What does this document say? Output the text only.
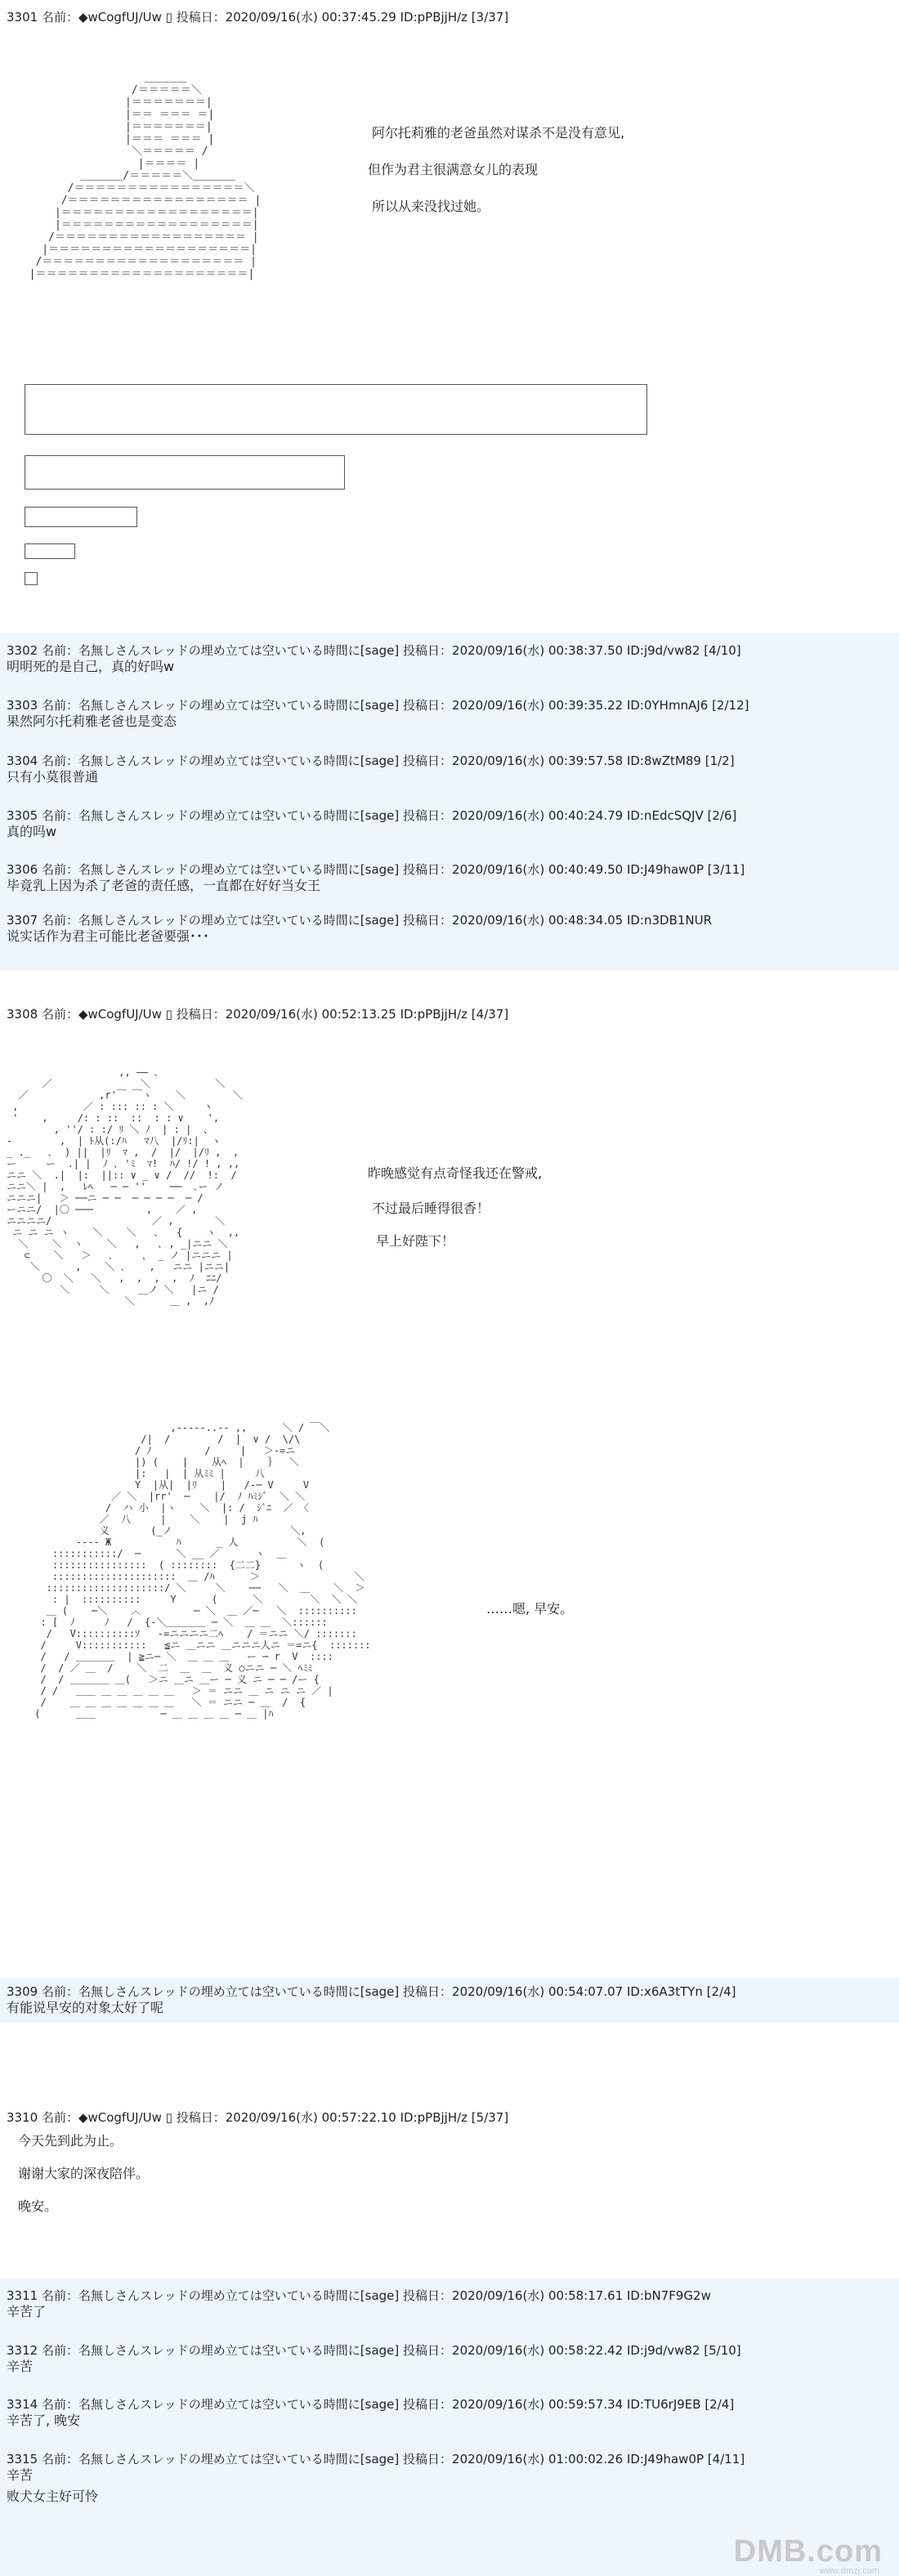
3301 名前：◆wCogfUJ/Uw ▯ 投稿日：2020/09/16(水) 00:37:45.29 ID:pPBjjH/z [3/37]
＿＿＿＿
/＝＝＝＝＝＼
|＝＝＝＝＝＝＝|
|＝＝ ＝＝＝ ＝|
|＝＝＝＝＝＝＝|
|＝＝＝ ＝＝＝ |
＼＝＝＝＝＝ /
|＝＝＝＝ |
＿＿＿＿/＝＝＝＝＝＼＿＿＿＿
/＝＝＝＝＝＝＝＝＝＝＝＝＝＝＝＝＼
/＝＝＝＝＝＝＝＝＝＝＝＝＝＝＝＝＝ |
|＝＝＝＝＝＝＝＝＝＝＝＝＝＝＝＝＝＝|
|＝＝＝＝＝＝＝＝＝＝＝＝＝＝＝＝＝＝|
/＝＝＝＝＝＝＝＝＝＝＝＝＝＝＝＝＝＝ |
|＝＝＝＝＝＝＝＝＝＝＝＝＝＝＝＝＝＝＝|
/＝＝＝＝＝＝＝＝＝＝＝＝＝＝＝＝＝＝＝ |
|＝＝＝＝＝＝＝＝＝＝＝＝＝＝＝＝＝＝＝＝|
阿尔托莉雅的老爸虽然对谋杀不是没有意见,
但作为君主很满意女儿的表现
所以从来没找过她。
3302 名前：名無しさんスレッドの埋め立ては空いている時間に[sage] 投稿日：2020/09/16(水) 00:38:37.50 ID:j9d/vw82 [4/10]
明明死的是自己，真的好吗w
3303 名前：名無しさんスレッドの埋め立ては空いている時間に[sage] 投稿日：2020/09/16(水) 00:39:35.22 ID:0YHmnAJ6 [2/12]
果然阿尔托莉雅老爸也是变态
3304 名前：名無しさんスレッドの埋め立ては空いている時間に[sage] 投稿日：2020/09/16(水) 00:39:57.58 ID:8wZtM89 [1/2]
只有小莫很普通
3305 名前：名無しさんスレッドの埋め立ては空いている時間に[sage] 投稿日：2020/09/16(水) 00:40:24.79 ID:nEdcSQJV [2/6]
真的吗w
3306 名前：名無しさんスレッドの埋め立ては空いている時間に[sage] 投稿日：2020/09/16(水) 00:40:49.50 ID:J49haw0P [3/11]
毕竟乳上因为杀了老爸的责任感，一直都在好好当女王
3307 名前：名無しさんスレッドの埋め立ては空いている時間に[sage] 投稿日：2020/09/16(水) 00:48:34.05 ID:n3DB1NUR
说实话作为君主可能比老爸要强･･･
3308 名前：◆wCogfUJ/Uw ▯ 投稿日：2020/09/16(水) 00:52:13.25 ID:pPBjjH/z [4/37]
,, ―― ､
／               ＼           ＼
／            ,r'￣ ￣ヽ    ＼        ＼
,           ／ : ::: :: : ＼     ヽ
'    ,     /: : ::  ::  : : ∨    ',
, ''/ : :/ ﾘ ＼ ﾉ  | : |  、
-        ,  | ﾄ从(:/ﾊ   ﾏ八  |/ﾘ:|  ヽ
_ ._   ､  ) ||  |ﾘ  ﾏ ,  /  |/  |/ﾘ ,  ,
ー     ー  .| |  ﾉ ､ 'ﾐ  ﾏ!  ﾊ/ !/ ! , ,,
ニニ ＼  .|  |:  ||:: ∨ _ ∨ /  //  !:  /
ニニ＼ |  ,   ﾚﾍ   ─ ─ ''    ──  ､ー ノ
ニニニ|   ＞ ──ニ ─ ─  ─ ─ ─ ─  ─ /
ーニニ/  |〇 ───         ,    ／ ,
ニニニニ/                 ／ ,       ＼
ニ ニ ニ ヽ    ＼    ＼   ､   {    ヽ  ,,
＼    ＼  ヽ    ＼   ,   ､ , _|ニニ ＼
⊂    ＼   ＞   ．    ， _ ノ |ニニニ |
＼      ,    ＼ ､    ,   ニニ |ニニ|
〇  ＼   ＼   ,  ,  ,  ,  ﾉ  ﾆﾆ/
＼     ＼     ＿ノ ＼   |ニ /
＼      ＿ ,  ,ﾉ
昨晚感觉有点奇怪我还在警戒,
不过最后睡得很香！
早上好陛下！
,-----..-- ,,      ＼ / ￣＼
/|  /        /  |  ∨ /  \/\
/ ﾉ         /     |   ＞-=ニ
|) (    |    从ﾍ  |    ｝  ＼
|:   |  | 从ﾐﾐ |     八
Y  |从|  |ﾘ    |   /-─ V     V
／ ＼  |rr'  ─    |/  ﾉ ﾊﾐｼﾞ  ＼ ＼
/  ハ 小  |ヽ    ＼  |: /  ｼﾞﾆ  ／ 〈
／  八     |    ＼    |  j ﾊ
义       (_ノ                    ＼,
---- Ж           ﾊ      _ 人          ＼  (
:::::::::::/  ─      ＼ __ ／      ヽ  ＿
::::::::::::::::  ( ::::::::  {二二}      ヽ  (
:::::::::::::::::::::  ＿ /ﾊ      ＞                ＼
::::::::::::::::::::/ ＼     ＼    ──   ＼  ＿    ＼  ＞
: |  ::::::::::     Y      (      ＼        ＼  ＼ ＼
＿ (    ─＼    ︿         ─ ＼  ＿ ／─   ＼  ::::::::::
: [  ﾉ     ﾉ   /  {-＼＿＿＿＿ ─ ＼  ＿ ＿  ＼::::::
/   V::::::::::ｿ   -=ニニニニ二ﾍ    / ＝ニニ ＼/ :::::::
/     V:::::::::::   ≦ニ ＿ニニ ＿ニニニ人ニ ＝=ニ{  :::::::
/   / ＿＿＿＿  | ≧ニ─ ＼  ＿ ＿ ＿   ー ─ r  V  ::::
/  / ／ ＿  /    ＼  二  ＿  ＿  义 ○ニニ ─ ＼ ﾍﾐﾐ
/  / ＿＿＿＿ ＿(   ＞ニ ＿ニ ＿ー ─ 义 ニ ─ ─ /ー {
/ /   ＿＿ ＿ ＿ ＿ ＿ ＿   ＞ ＝ ニニ ＿ ニ ニ ニ ／ |
/    ＿ ＿ ＿ ＿ ＿ ＿ ＿   ＼ ＝ ニニ ─ ＿  /  {
(      ＿＿           ─ ＿ ＿ ＿ ＿ ─ ＿ |ﾊ
……嗯, 早安。
3309 名前：名無しさんスレッドの埋め立ては空いている時間に[sage] 投稿日：2020/09/16(水) 00:54:07.07 ID:x6A3tTYn [2/4]
有能说早安的对象太好了呢
3310 名前：◆wCogfUJ/Uw ▯ 投稿日：2020/09/16(水) 00:57:22.10 ID:pPBjjH/z [5/37]
今天先到此为止。
谢谢大家的深夜陪伴。
晚安。
3311 名前：名無しさんスレッドの埋め立ては空いている時間に[sage] 投稿日：2020/09/16(水) 00:58:17.61 ID:bN7F9G2w
辛苦了
3312 名前：名無しさんスレッドの埋め立ては空いている時間に[sage] 投稿日：2020/09/16(水) 00:58:22.42 ID:j9d/vw82 [5/10]
辛苦
3314 名前：名無しさんスレッドの埋め立ては空いている時間に[sage] 投稿日：2020/09/16(水) 00:59:57.34 ID:TU6rJ9EB [2/4]
辛苦了, 晚安
3315 名前：名無しさんスレッドの埋め立ては空いている時間に[sage] 投稿日：2020/09/16(水) 01:00:02.26 ID:J49haw0P [4/11]
辛苦
败犬女主好可怜
DMB.com
www.dmzj.com
